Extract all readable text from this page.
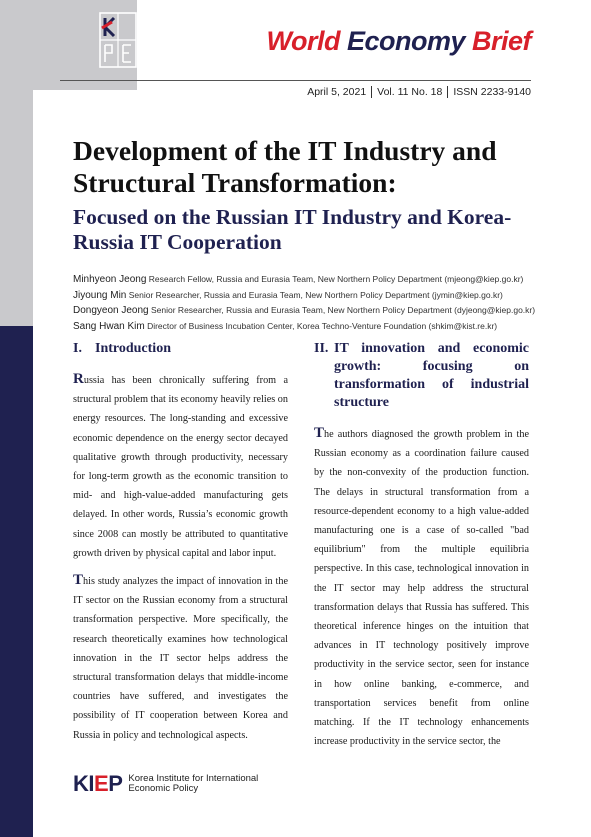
World Economy Brief
April 5, 2021	Vol. 11 No. 18	ISSN 2233-9140
Development of the IT Industry and Structural Transformation:
Focused on the Russian IT Industry and Korea-Russia IT Cooperation
Minhyeon Jeong Research Fellow, Russia and Eurasia Team, New Northern Policy Department (mjeong@kiep.go.kr)
Jiyoung Min Senior Researcher, Russia and Eurasia Team, New Northern Policy Department (jymin@kiep.go.kr)
Dongyeon Jeong Senior Researcher, Russia and Eurasia Team, New Northern Policy Department (dyjeong@kiep.go.kr)
Sang Hwan Kim Director of Business Incubation Center, Korea Techno-Venture Foundation (shkim@kist.re.kr)
I. Introduction

Russia has been chronically suffering from a structural problem that its economy heavily relies on energy resources. The long-standing and excessive economic dependence on the energy sector decayed qualitative growth through productivity, necessary for long-term growth as the economic transition to mid- and high-value-added manufacturing gets delayed. In other words, Russia’s economic growth since 2008 can mostly be attributed to quantitative growth driven by physical capital and labor input.

This study analyzes the impact of innovation in the IT sector on the Russian economy from a structural transformation perspective. More specifically, the research theoretically examines how technological innovation in the IT sector helps address the structural transformation delays that middle-income countries have suffered, and investigates the possibility of IT cooperation between Korea and Russia in policy and technological aspects.

II. IT innovation and economic growth: focusing on transformation of industrial structure

The authors diagnosed the growth problem in the Russian economy as a coordination failure caused by the non-convexity of the production function. The delays in structural transformation from a resource-dependent economy to a high value-added manufacturing one is a case of so-called "bad equilibrium" from the multiple equilibria perspective. In this case, technological innovation in the IT sector may help address the structural transformation delays that Russia has suffered. This theoretical inference hinges on the intuition that advances in IT technology positively improve productivity in the service sector, seen for instance in how online banking, e-commerce, and transportation services benefit from online matching. If the IT technology enhancements increase productivity in the service sector, the

KIEP Korea Institute for International
Economic Policy
